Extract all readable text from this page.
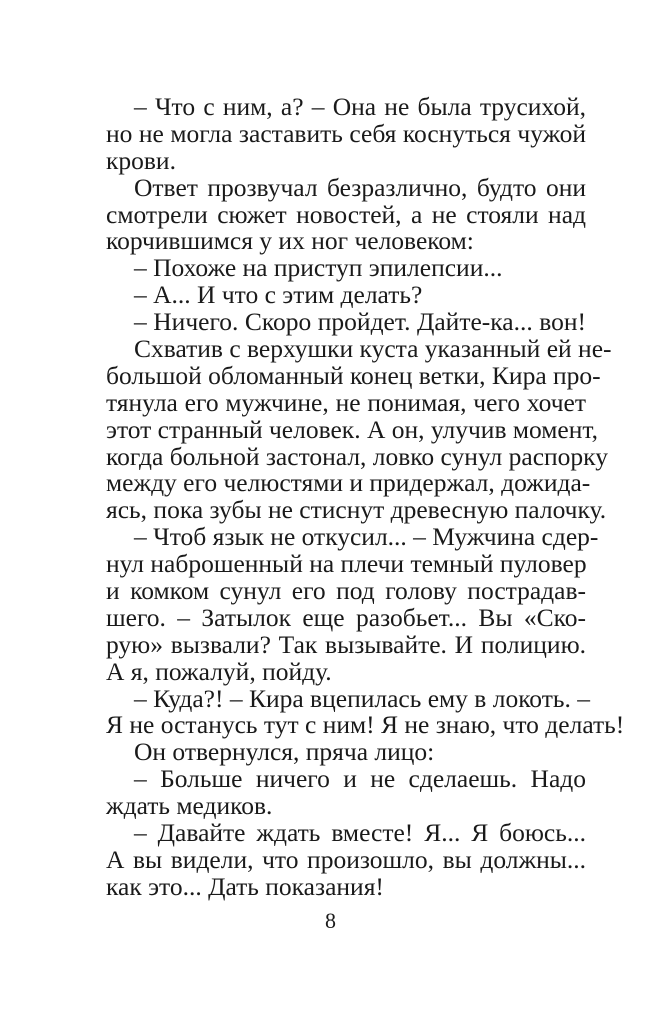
– Что с ним, а? – Она не была трусихой,
но не могла заставить себя коснуться чужой
крови.
Ответ прозвучал безразлично, будто они
смотрели сюжет новостей, а не стояли над
корчившимся у их ног человеком:
– Похоже на приступ эпилепсии...
– А... И что с этим делать?
– Ничего. Скоро пройдет. Дайте-ка... вон!
Схватив с верхушки куста указанный ей не-
большой обломанный конец ветки, Кира про-
тянула его мужчине, не понимая, чего хочет
этот странный человек. А он, улучив момент,
когда больной застонал, ловко сунул распорку
между его челюстями и придержал, дожида-
ясь, пока зубы не стиснут древесную палочку.
– Чтоб язык не откусил... – Мужчина сдер-
нул наброшенный на плечи темный пуловер
и комком сунул его под голову пострадав-
шего. – Затылок еще разобьет... Вы «Ско-
рую» вызвали? Так вызывайте. И полицию.
А я, пожалуй, пойду.
– Куда?! – Кира вцепилась ему в локоть. –
Я не останусь тут с ним! Я не знаю, что делать!
Он отвернулся, пряча лицо:
– Больше ничего и не сделаешь. Надо
ждать медиков.
– Давайте ждать вместе! Я... Я боюсь...
А вы видели, что произошло, вы должны...
как это... Дать показания!
8
